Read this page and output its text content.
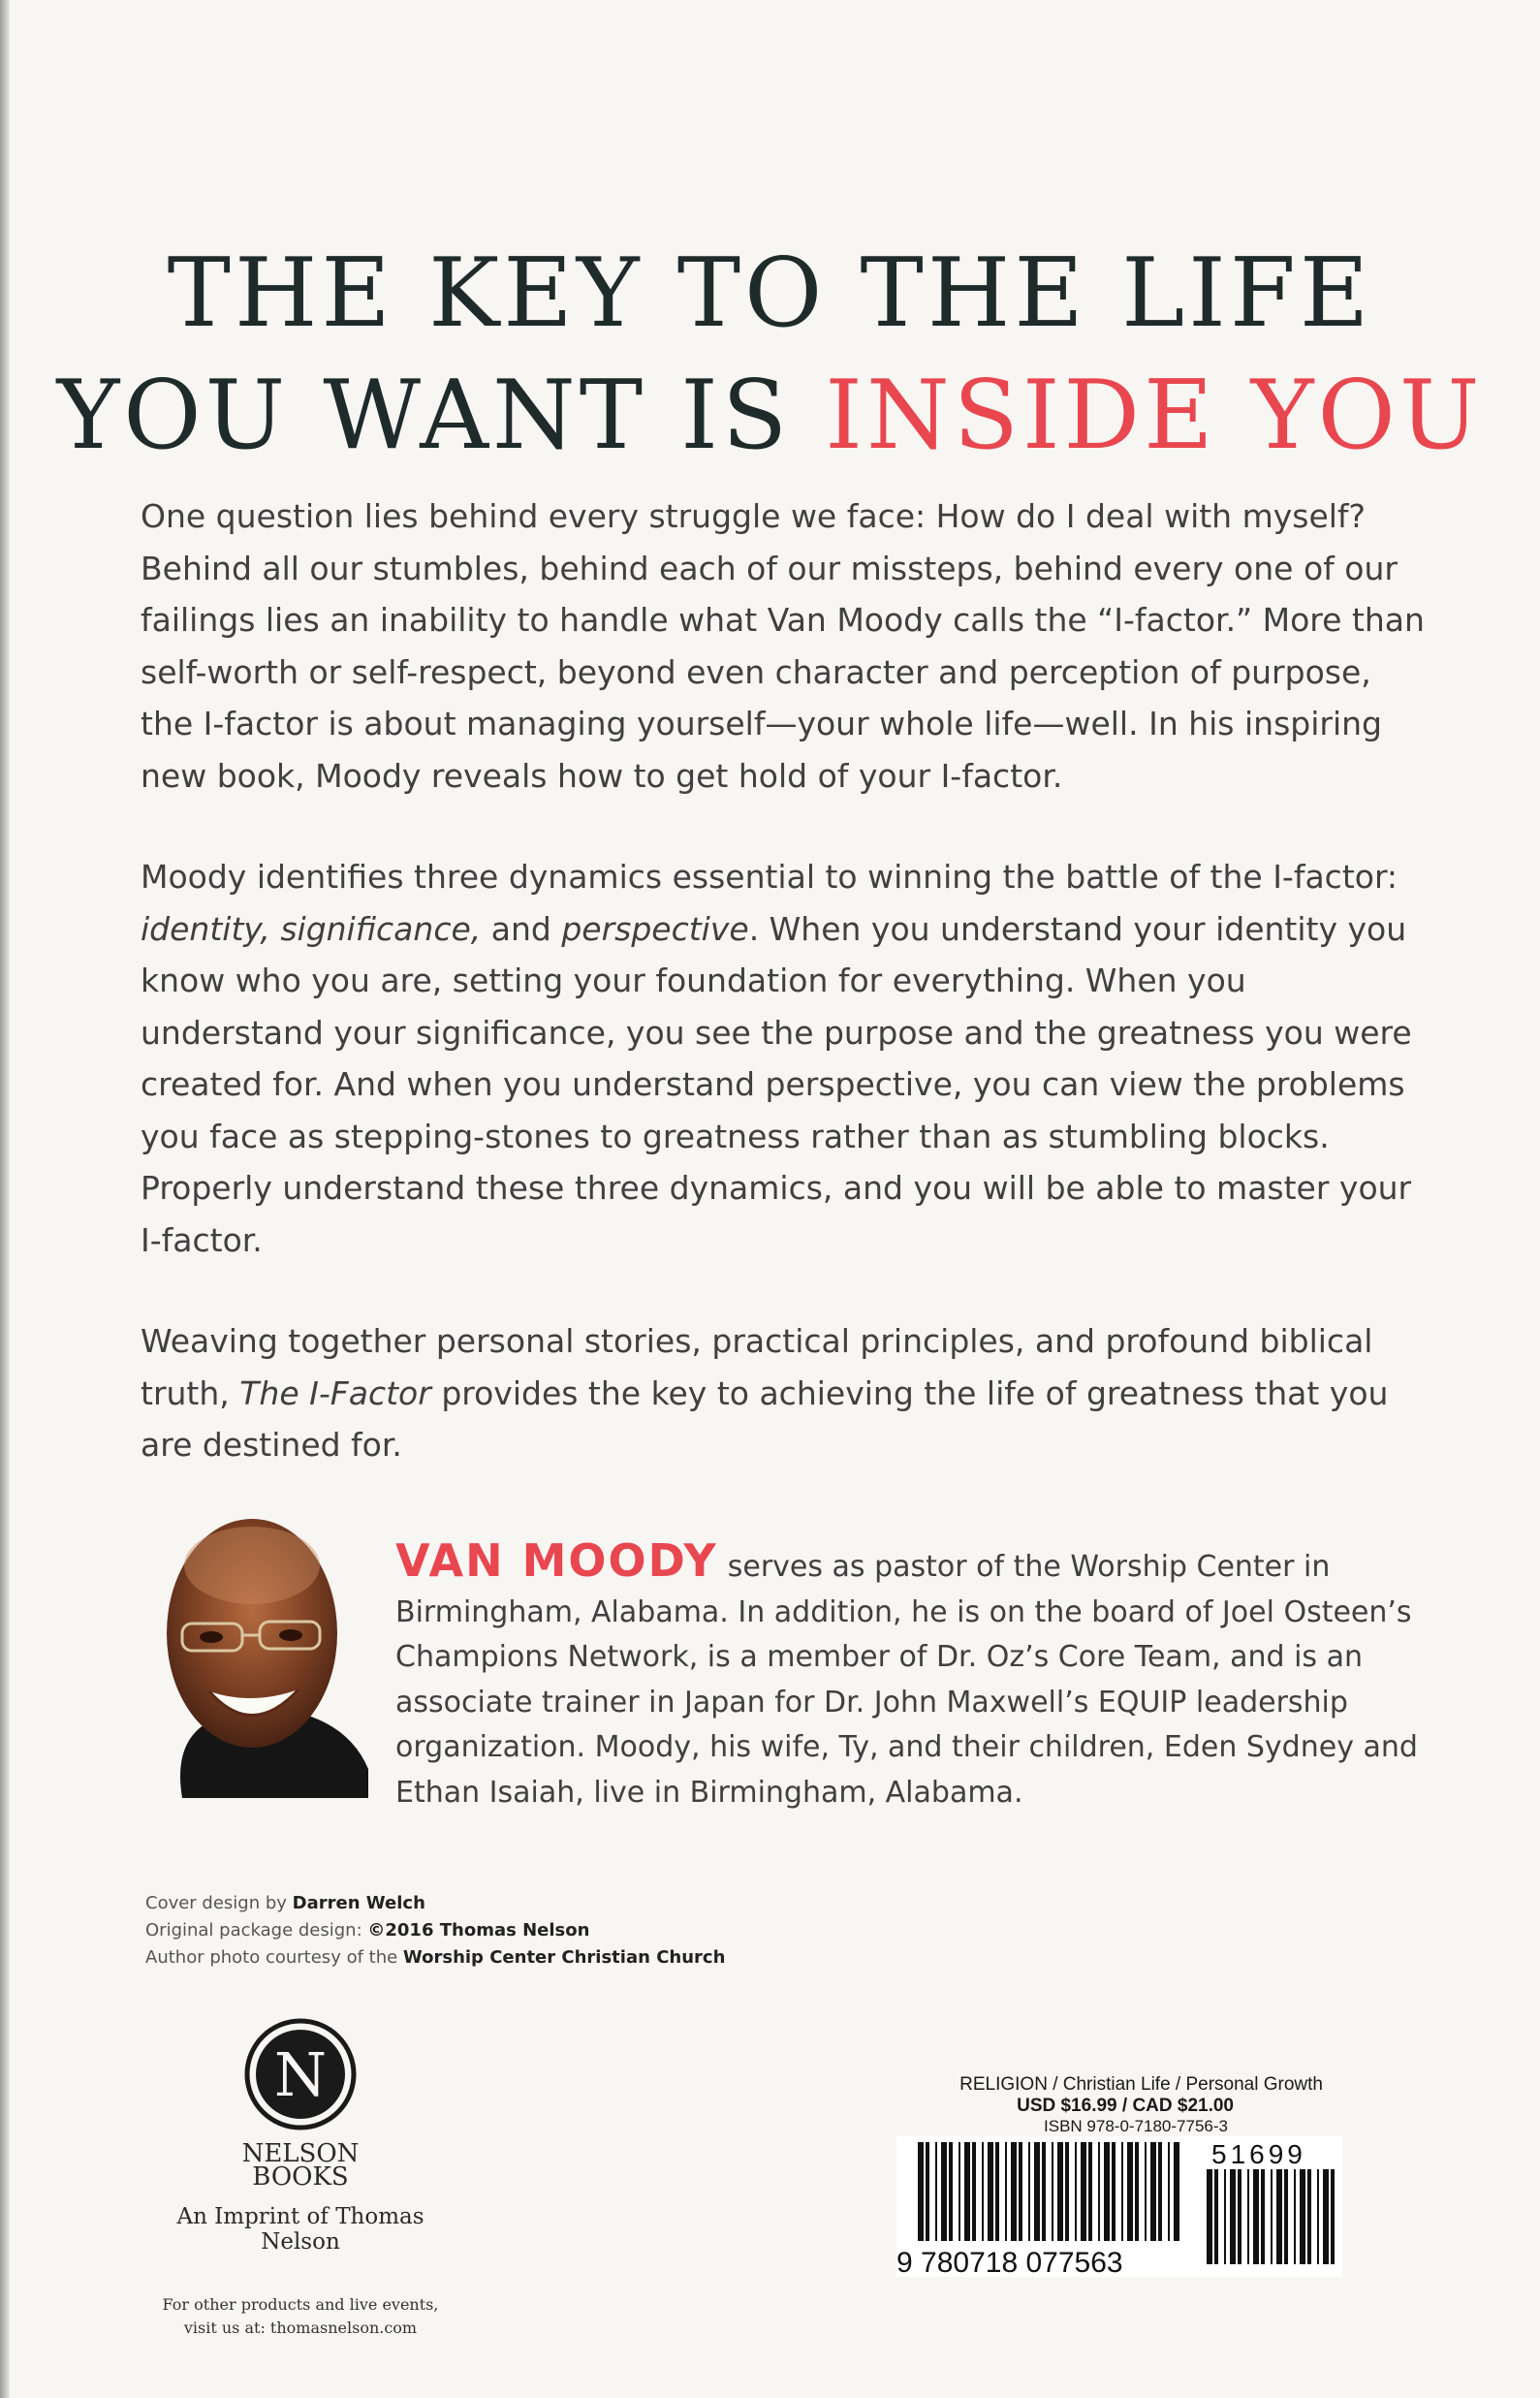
THE KEY TO THE LIFE
YOU WANT IS INSIDE YOU

One question lies behind every struggle we face: How do I deal with myself? Behind all our stumbles, behind each of our missteps, behind every one of our failings lies an inability to handle what Van Moody calls the “I-factor.” More than self-worth or self-respect, beyond even character and perception of purpose, the I-factor is about managing yourself—your whole life—well. In his inspiring new book, Moody reveals how to get hold of your I-factor.

Moody identifies three dynamics essential to winning the battle of the I-factor: identity, significance, and perspective. When you understand your identity you know who you are, setting your foundation for everything. When you understand your significance, you see the purpose and the greatness you were created for. And when you understand perspective, you can view the problems you face as stepping-stones to greatness rather than as stumbling blocks. Properly understand these three dynamics, and you will be able to master your I-factor.

Weaving together personal stories, practical principles, and profound biblical truth, The I-Factor provides the key to achieving the life of greatness that you are destined for.

VAN MOODY serves as pastor of the Worship Center in Birmingham, Alabama. In addition, he is on the board of Joel Osteen’s Champions Network, is a member of Dr. Oz’s Core Team, and is an associate trainer in Japan for Dr. John Maxwell’s EQUIP leadership organization. Moody, his wife, Ty, and their children, Eden Sydney and Ethan Isaiah, live in Birmingham, Alabama.

Cover design by Darren Welch
Original package design: ©2016 Thomas Nelson
Author photo courtesy of the Worship Center Christian Church
N
NELSON
BOOKS
An Imprint of Thomas Nelson
For other products and live events,
visit us at: thomasnelson.com
RELIGION / Christian Life / Personal Growth
USD $16.99 / CAD $21.00
ISBN 978-0-7180-7756-3
9 780718 077563
51699
